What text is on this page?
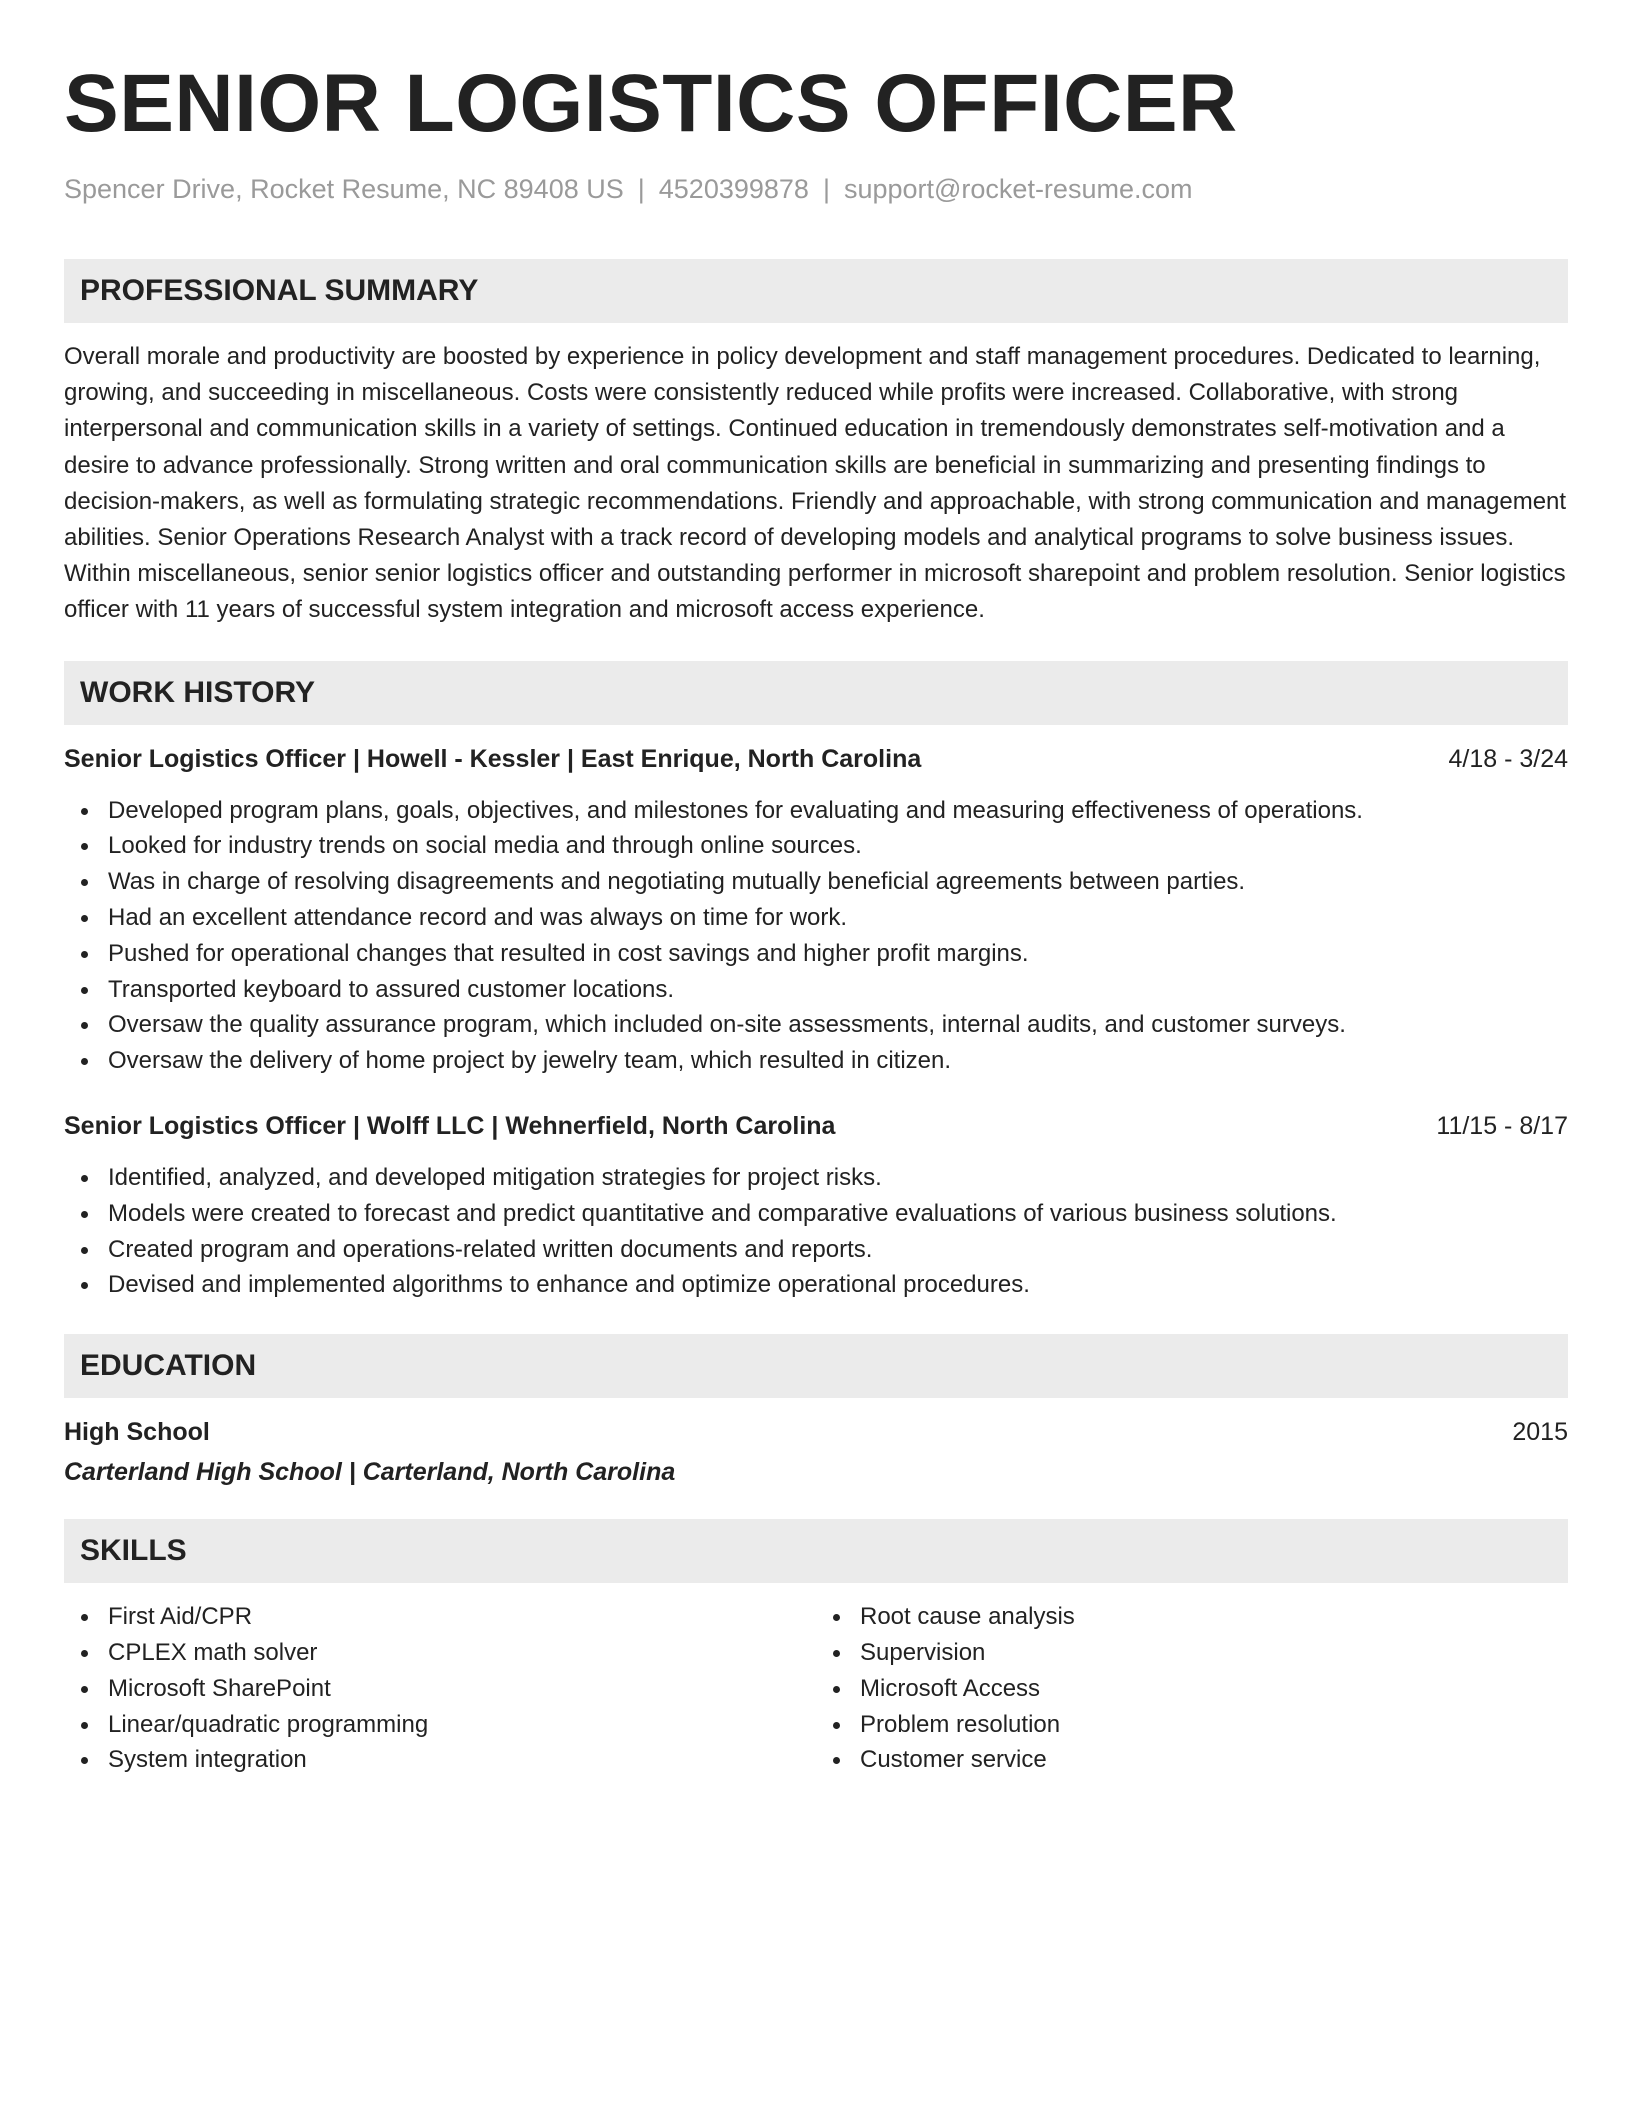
SENIOR LOGISTICS OFFICER
Spencer Drive, Rocket Resume, NC 89408 US | 4520399878 | support@rocket-resume.com
PROFESSIONAL SUMMARY

Overall morale and productivity are boosted by experience in policy development and staff management procedures. Dedicated to learning, growing, and succeeding in miscellaneous. Costs were consistently reduced while profits were increased. Collaborative, with strong interpersonal and communication skills in a variety of settings. Continued education in tremendously demonstrates self-motivation and a desire to advance professionally. Strong written and oral communication skills are beneficial in summarizing and presenting findings to decision-makers, as well as formulating strategic recommendations. Friendly and approachable, with strong communication and management abilities. Senior Operations Research Analyst with a track record of developing models and analytical programs to solve business issues. Within miscellaneous, senior senior logistics officer and outstanding performer in microsoft sharepoint and problem resolution. Senior logistics officer with 11 years of successful system integration and microsoft access experience.

WORK HISTORY
Senior Logistics Officer | Howell - Kessler | East Enrique, North Carolina	4/18 - 3/24
Developed program plans, goals, objectives, and milestones for evaluating and measuring effectiveness of operations.
Looked for industry trends on social media and through online sources.
Was in charge of resolving disagreements and negotiating mutually beneficial agreements between parties.
Had an excellent attendance record and was always on time for work.
Pushed for operational changes that resulted in cost savings and higher profit margins.
Transported keyboard to assured customer locations.
Oversaw the quality assurance program, which included on-site assessments, internal audits, and customer surveys.
Oversaw the delivery of home project by jewelry team, which resulted in citizen.
Senior Logistics Officer | Wolff LLC | Wehnerfield, North Carolina	11/15 - 8/17
Identified, analyzed, and developed mitigation strategies for project risks.
Models were created to forecast and predict quantitative and comparative evaluations of various business solutions.
Created program and operations-related written documents and reports.
Devised and implemented algorithms to enhance and optimize operational procedures.
EDUCATION
High School	2015
Carterland High School | Carterland, North Carolina
SKILLS
First Aid/CPR
CPLEX math solver
Microsoft SharePoint
Linear/quadratic programming
System integration
Root cause analysis
Supervision
Microsoft Access
Problem resolution
Customer service
